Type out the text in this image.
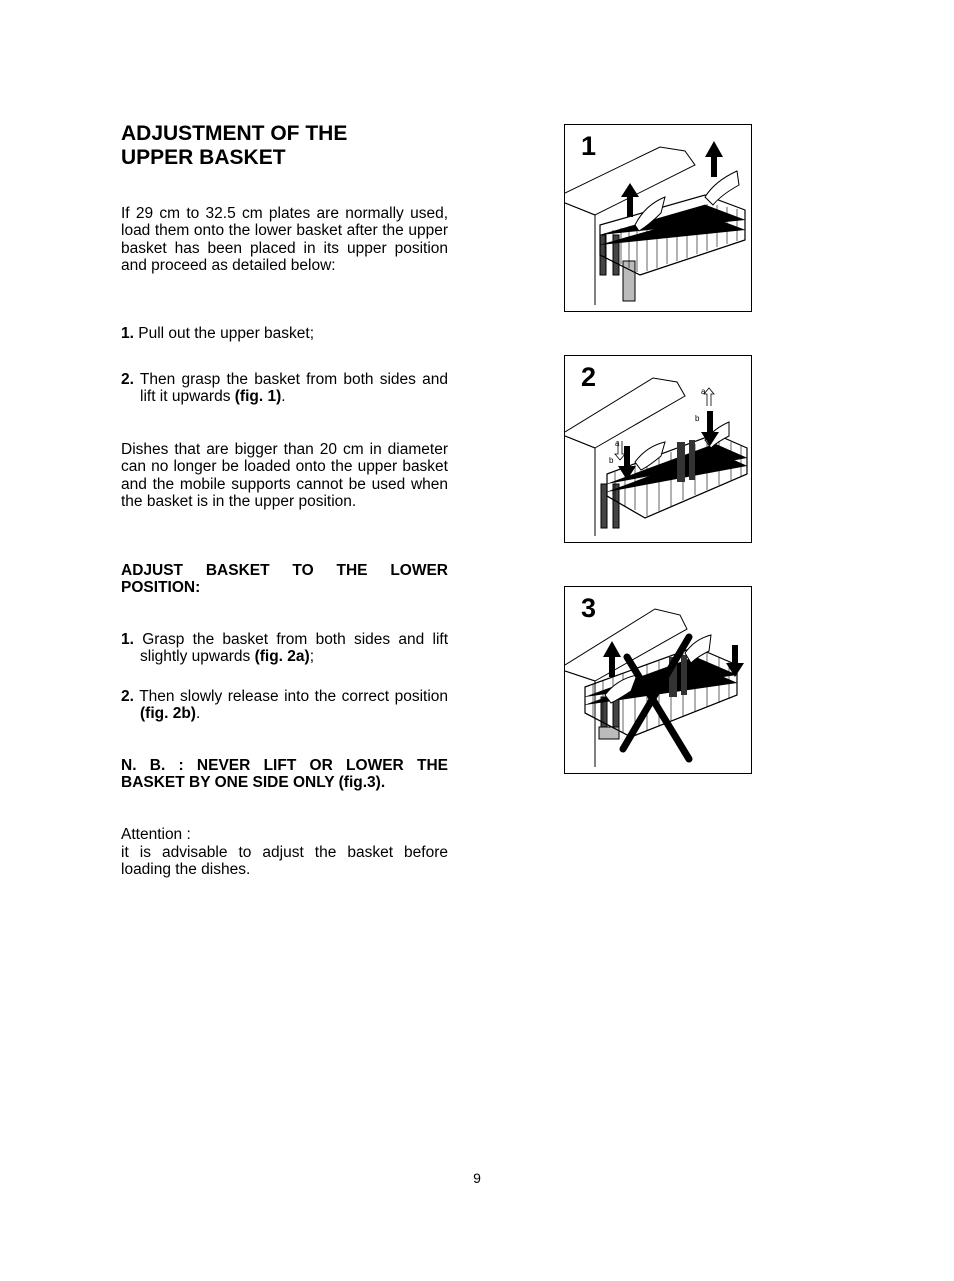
ADJUSTMENT OF THE
UPPER BASKET

If 29 cm to 32.5 cm plates are normally used, load them onto the lower basket after the upper basket has been placed in its upper position and proceed as detailed below:

1. Pull out the upper basket;

2. Then grasp the basket from both sides and lift it upwards (fig. 1).

Dishes that are bigger than 20 cm in diameter can no longer be loaded onto the upper basket and the mobile supports cannot be used when the basket is in the upper position.

ADJUST BASKET TO THE LOWER POSITION:

1. Grasp the basket from both sides and lift slightly upwards (fig. 2a);

2. Then slowly release into the correct position (fig. 2b).

N. B. : NEVER LIFT OR LOWER THE BASKET BY ONE SIDE ONLY (fig.3).

Attention :

it is advisable to adjust the basket before loading the dishes.

1
a
b
a
b
2
3
9
